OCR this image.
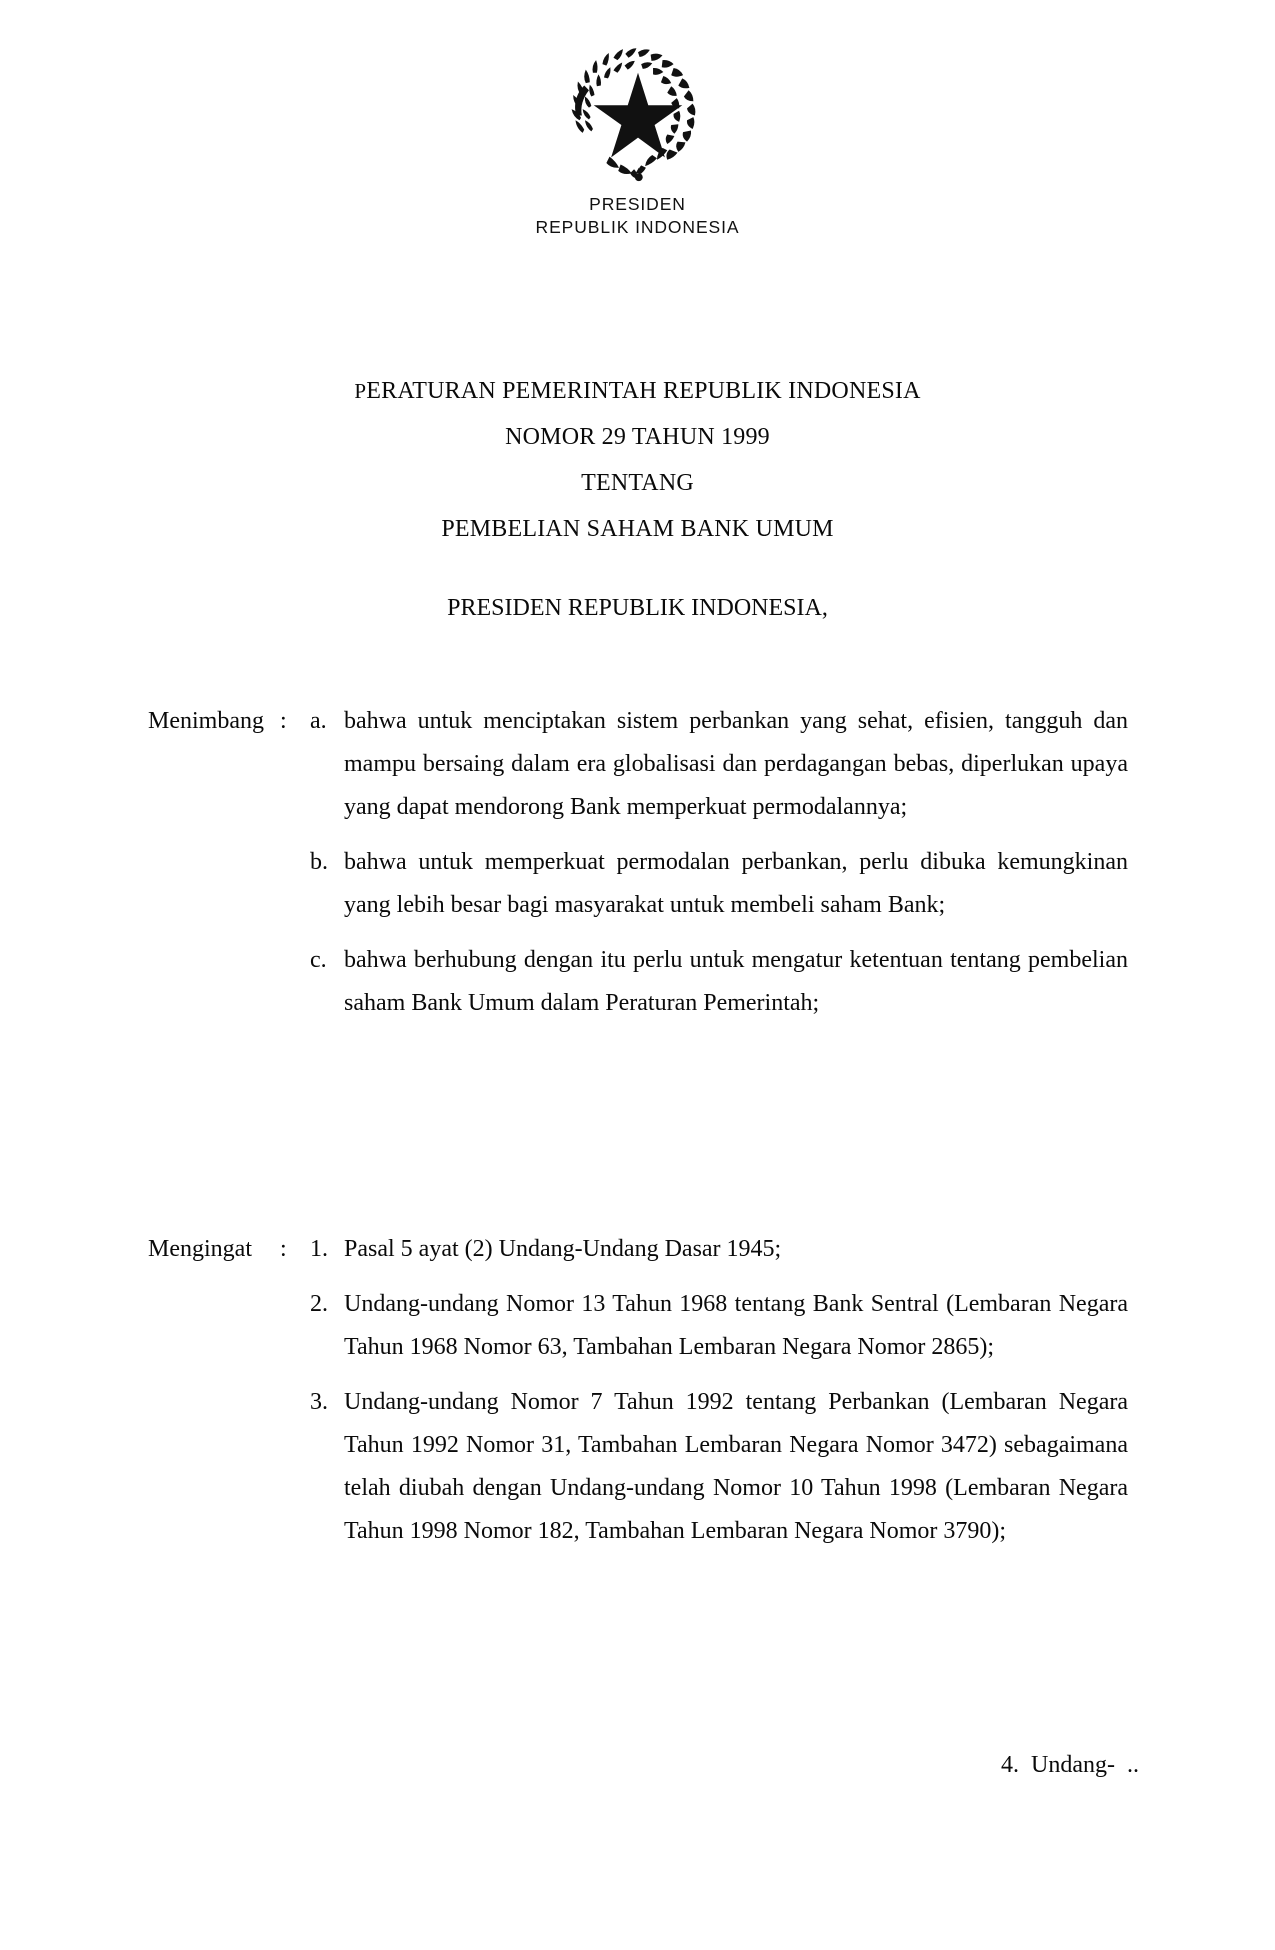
PRESIDEN
REPUBLIK INDONESIA
PERATURAN PEMERINTAH REPUBLIK INDONESIA
NOMOR 29 TAHUN 1999
TENTANG
PEMBELIAN SAHAM BANK UMUM
PRESIDEN REPUBLIK INDONESIA,
Menimbang : a. bahwa untuk menciptakan sistem perbankan yang sehat, efisien, tangguh dan mampu bersaing dalam era globalisasi dan perdagangan bebas, diperlukan upaya yang dapat mendorong Bank memperkuat permodalannya;
b. bahwa untuk memperkuat permodalan perbankan, perlu dibuka kemungkinan yang lebih besar bagi masyarakat untuk membeli saham Bank;
c. bahwa berhubung dengan itu perlu untuk mengatur ketentuan tentang pembelian saham Bank Umum dalam Peraturan Pemerintah;
Mengingat	: 1. Pasal 5 ayat (2) Undang-Undang Dasar 1945;
2. Undang-undang Nomor 13 Tahun 1968 tentang Bank Sentral (Lembaran Negara Tahun 1968 Nomor 63, Tambahan Lembaran Negara Nomor 2865);
3. Undang-undang Nomor 7 Tahun 1992 tentang Perbankan (Lembaran Negara Tahun 1992 Nomor 31, Tambahan Lembaran Negara Nomor 3472) sebagaimana telah diubah dengan Undang-undang Nomor 10 Tahun 1998 (Lembaran Negara Tahun 1998 Nomor 182, Tambahan Lembaran Negara Nomor 3790);
4.  Undang-  ..
